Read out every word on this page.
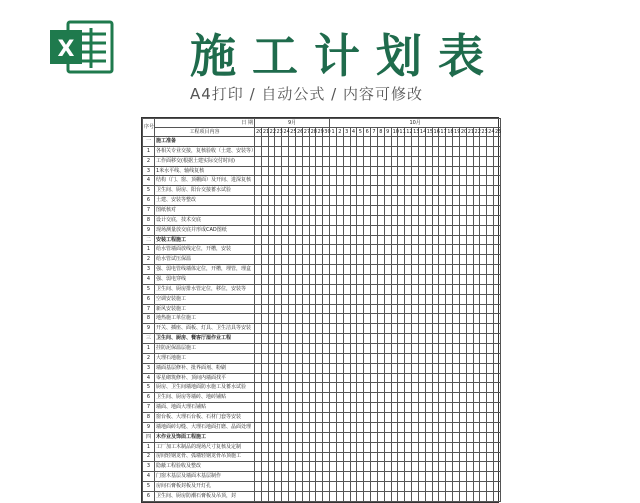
X	施工计划表
A4打印 / 自动公式 / 内容可修改
序号	日 期	9月											10月																								
	工程项目内容	20	21	22	23	24	25	26	27	28	29	30	1	2	3	4	5	6	7	8	9	10	11	12	13	14	15	16	17	18	19	20	21	22	23	24	25
一	施工准备																																				
1	各相关专业交接，复核验收（土建、安装等）																																				
2	工作面移交(根据土建实际交付时间)																																				
3	1米水平线、轴线复核																																				
4	结构（门、窗、顶棚面）及开间、进深复核																																				
5	卫生间、厨房、阳台交接蓄水试验																																				
6	土建、安装等整改																																				
7	图纸核对																																				
8	设计交底，技术交底																																				
9	现场测量放交底并形成CAD图纸																																				
二	安装工程施工																																				
1	给水管墙面放线定位，开槽，安装																																				
2	给水管试压保温																																				
3	强、弱电管线墙体定位，开槽，埋管，理盒																																				
4	强、弱电穿线																																				
5	卫生间、厨房排水管定位，移位，安装等																																				
6	空调安装施工																																				
7	新风安装施工																																				
8	地热施工单位施工																																				
9	开关、插座、面板、灯具、卫生洁具等安装																																				
三	卫生间、厨房、餐客厅湿作业工程																																				
1	挂防泥保温层施工																																				
2	大理石地施工																																				
3	墙面基层修补、批界面剂、粉刷																																				
4	零星砌筑修补、顶间内墙面找平																																				
5	厨房、卫生间墙地面防水施工及蓄水试验																																				
6	卫生间、厨房等墙砖、地砖铺贴																																				
7	墙面、地面大理石铺贴																																				
8	窗台板、大理石台板、石材门套等安装																																				
9	墙地面砖勾缝、大理石地面打磨、晶面处理																																				
四	木作业及饰面工程施工																																				
1	工厂加工木制品的现场尺寸复核及定制																																				
2	房间轻钢龙骨、弧墙轻钢龙骨吊顶施工																																				
3	隐蔽工程验收及整改																																				
4	门窗木基层及墙面木基层制作																																				
5	房间石膏板封板及开灯孔																																				
6	卫生间、厨房防潮石膏板及吊顶，封																																				
